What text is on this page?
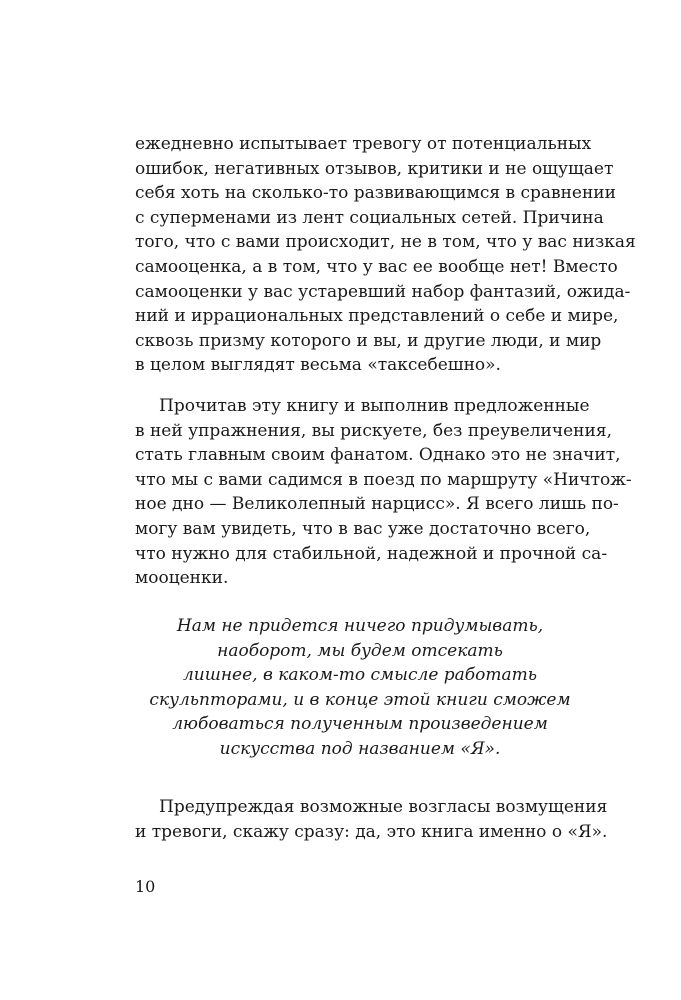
ежедневно испытывает тревогу от потенциальных
ошибок, негативных отзывов, критики и не ощущает
себя хоть на сколько-то развивающимся в сравнении
с суперменами из лент социальных сетей. Причина
того, что с вами происходит, не в том, что у вас низкая
самооценка, а в том, что у вас ее вообще нет! Вместо
самооценки у вас устаревший набор фантазий, ожида-
ний и иррациональных представлений о себе и мире,
сквозь призму которого и вы, и другие люди, и мир
в целом выглядят весьма «таксебешно».
Прочитав эту книгу и выполнив предложенные
в ней упражнения, вы рискуете, без преувеличения,
стать главным своим фанатом. Однако это не значит,
что мы с вами садимся в поезд по маршруту «Ничтож-
ное дно — Великолепный нарцисс». Я всего лишь по-
могу вам увидеть, что в вас уже достаточно всего,
что нужно для стабильной, надежной и прочной са-
мооценки.
Нам не придется ничего придумывать,
наоборот, мы будем отсекать
лишнее, в каком-то смысле работать
скульпторами, и в конце этой книги сможем
любоваться полученным произведением
искусства под названием «Я».
Предупреждая возможные возгласы возмущения
и тревоги, скажу сразу: да, это книга именно о «Я».
10
